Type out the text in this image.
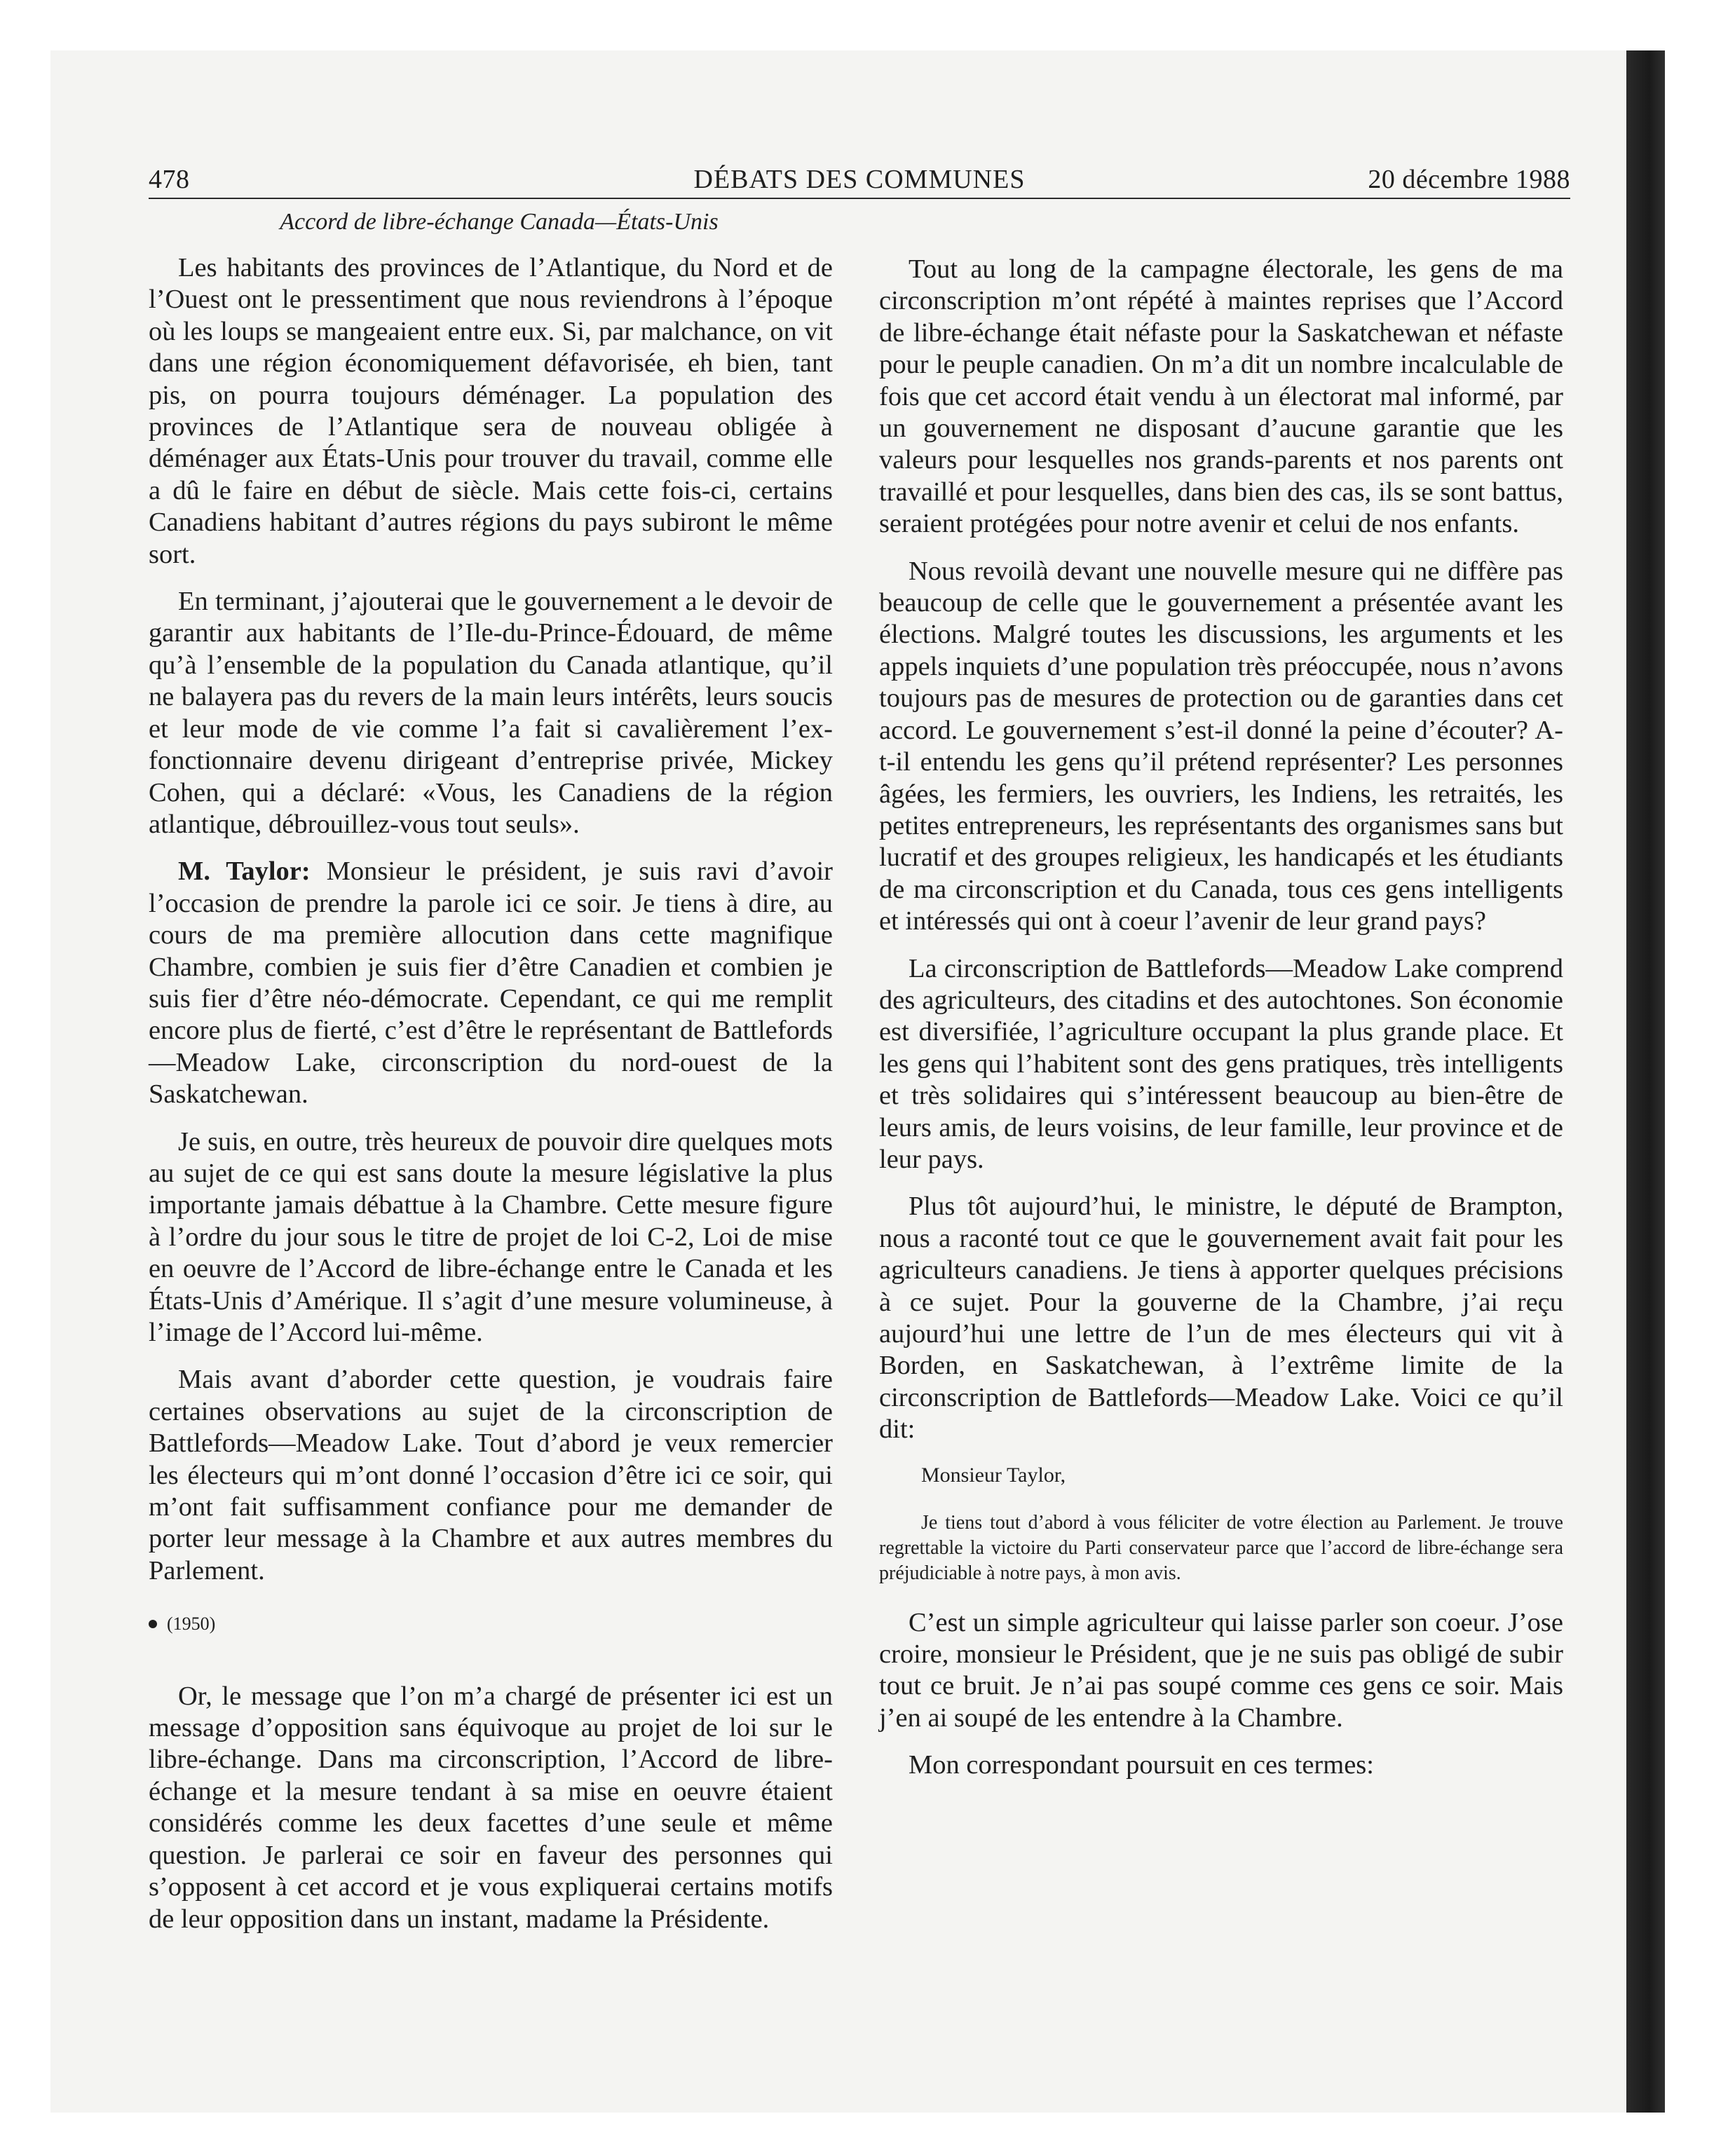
478	DÉBATS DES COMMUNES	20 décembre 1988
Accord de libre-échange Canada—États-Unis

Les habitants des provinces de l’Atlantique, du Nord et de l’Ouest ont le pressentiment que nous reviendrons à l’époque où les loups se mangeaient entre eux. Si, par malchance, on vit dans une région économiquement défavorisée, eh bien, tant pis, on pourra toujours déménager. La population des provinces de l’Atlantique sera de nouveau obligée à déménager aux États-Unis pour trouver du travail, comme elle a dû le faire en début de siècle. Mais cette fois-ci, certains Canadiens habitant d’autres régions du pays subiront le même sort.

En terminant, j’ajouterai que le gouvernement a le devoir de garantir aux habitants de l’Ile-du-Prince-Édouard, de même qu’à l’ensemble de la population du Canada atlantique, qu’il ne balayera pas du revers de la main leurs intérêts, leurs soucis et leur mode de vie comme l’a fait si cavalièrement l’ex-fonctionnaire devenu dirigeant d’entreprise privée, Mickey Cohen, qui a déclaré: «Vous, les Canadiens de la région atlantique, débrouillez-vous tout seuls».

M. Taylor: Monsieur le président, je suis ravi d’avoir l’occasion de prendre la parole ici ce soir. Je tiens à dire, au cours de ma première allocution dans cette magnifique Chambre, combien je suis fier d’être Canadien et combien je suis fier d’être néo-démocrate. Cependant, ce qui me remplit encore plus de fierté, c’est d’être le représentant de Battlefords—Meadow Lake, circonscription du nord-ouest de la Saskatchewan.

Je suis, en outre, très heureux de pouvoir dire quelques mots au sujet de ce qui est sans doute la mesure législative la plus importante jamais débattue à la Chambre. Cette mesure figure à l’ordre du jour sous le titre de projet de loi C-2, Loi de mise en oeuvre de l’Accord de libre-échange entre le Canada et les États-Unis d’Amérique. Il s’agit d’une mesure volumineuse, à l’image de l’Accord lui-même.

Mais avant d’aborder cette question, je voudrais faire certaines observations au sujet de la circonscription de Battlefords—Meadow Lake. Tout d’abord je veux remercier les électeurs qui m’ont donné l’occasion d’être ici ce soir, qui m’ont fait suffisamment confiance pour me demander de porter leur message à la Chambre et aux autres membres du Parlement.

(1950)

Or, le message que l’on m’a chargé de présenter ici est un message d’opposition sans équivoque au projet de loi sur le libre-échange. Dans ma circonscription, l’Accord de libre-échange et la mesure tendant à sa mise en oeuvre étaient considérés comme les deux facettes d’une seule et même question. Je parlerai ce soir en faveur des personnes qui s’opposent à cet accord et je vous expliquerai certains motifs de leur opposition dans un instant, madame la Présidente.

Tout au long de la campagne électorale, les gens de ma circonscription m’ont répété à maintes reprises que l’Accord de libre-échange était néfaste pour la Saskatchewan et néfaste pour le peuple canadien. On m’a dit un nombre incalculable de fois que cet accord était vendu à un électorat mal informé, par un gouvernement ne disposant d’aucune garantie que les valeurs pour lesquelles nos grands-parents et nos parents ont travaillé et pour lesquelles, dans bien des cas, ils se sont battus, seraient protégées pour notre avenir et celui de nos enfants.

Nous revoilà devant une nouvelle mesure qui ne diffère pas beaucoup de celle que le gouvernement a présentée avant les élections. Malgré toutes les discussions, les arguments et les appels inquiets d’une population très préoccupée, nous n’avons toujours pas de mesures de protection ou de garanties dans cet accord. Le gouvernement s’est-il donné la peine d’écouter? A-t-il entendu les gens qu’il prétend représenter? Les personnes âgées, les fermiers, les ouvriers, les Indiens, les retraités, les petites entrepreneurs, les représentants des organismes sans but lucratif et des groupes religieux, les handicapés et les étudiants de ma circonscription et du Canada, tous ces gens intelligents et intéressés qui ont à coeur l’avenir de leur grand pays?

La circonscription de Battlefords—Meadow Lake comprend des agriculteurs, des citadins et des autochtones. Son économie est diversifiée, l’agriculture occupant la plus grande place. Et les gens qui l’habitent sont des gens pratiques, très intelligents et très solidaires qui s’intéressent beaucoup au bien-être de leurs amis, de leurs voisins, de leur famille, leur province et de leur pays.

Plus tôt aujourd’hui, le ministre, le député de Brampton, nous a raconté tout ce que le gouvernement avait fait pour les agriculteurs canadiens. Je tiens à apporter quelques précisions à ce sujet. Pour la gouverne de la Chambre, j’ai reçu aujourd’hui une lettre de l’un de mes électeurs qui vit à Borden, en Saskatchewan, à l’extrême limite de la circonscription de Battlefords—Meadow Lake. Voici ce qu’il dit:

Monsieur Taylor,
Je tiens tout d’abord à vous féliciter de votre élection au Parlement. Je trouve regrettable la victoire du Parti conservateur parce que l’accord de libre-échange sera préjudiciable à notre pays, à mon avis.

C’est un simple agriculteur qui laisse parler son coeur. J’ose croire, monsieur le Président, que je ne suis pas obligé de subir tout ce bruit. Je n’ai pas soupé comme ces gens ce soir. Mais j’en ai soupé de les entendre à la Chambre.

Mon correspondant poursuit en ces termes:
